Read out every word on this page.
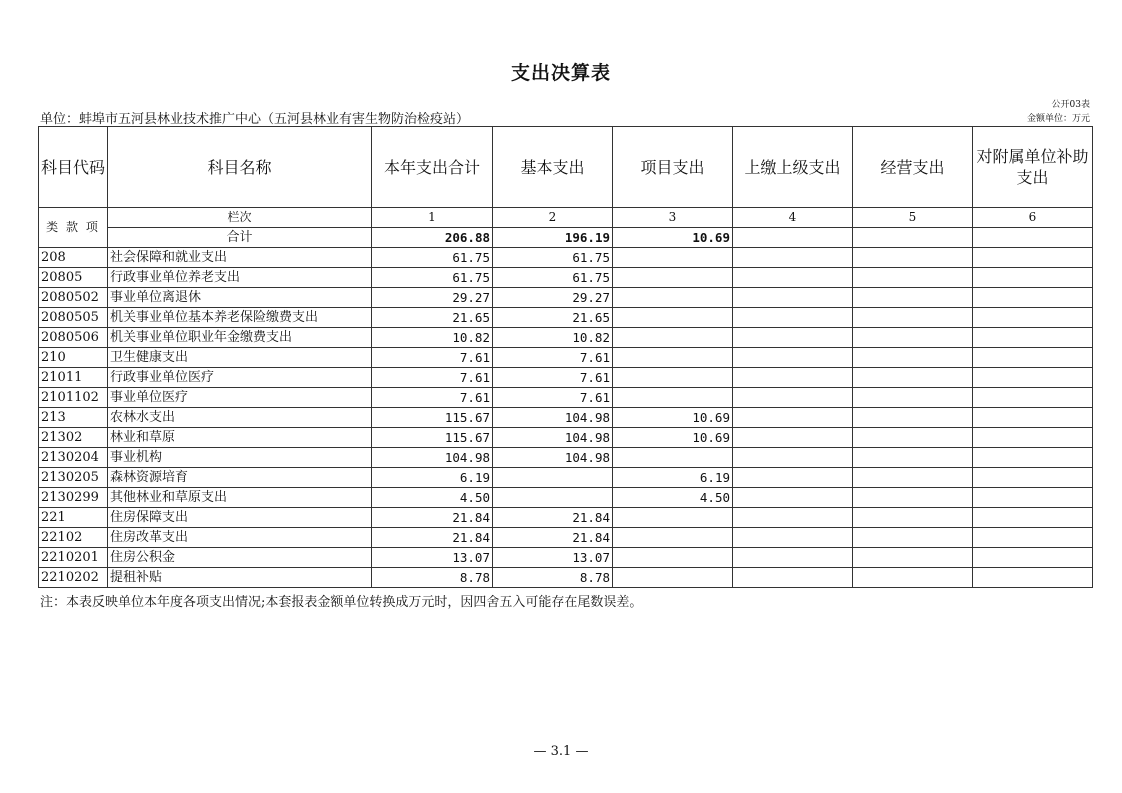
支出决算表
单位：蚌埠市五河县林业技术推广中心（五河县林业有害生物防治检疫站）
公开03表
金额单位：万元
科目代码	科目名称	本年支出合计	基本支出	项目支出	上缴上级支出	经营支出	对附属单位补助支出
类 款 项	栏次	1	2	3	4	5	6
	合计	206.88	196.19	10.69			
208	社会保障和就业支出	61.75	61.75				
20805	行政事业单位养老支出	61.75	61.75				
2080502	事业单位离退休	29.27	29.27				
2080505	机关事业单位基本养老保险缴费支出	21.65	21.65				
2080506	机关事业单位职业年金缴费支出	10.82	10.82				
210	卫生健康支出	7.61	7.61				
21011	行政事业单位医疗	7.61	7.61				
2101102	事业单位医疗	7.61	7.61				
213	农林水支出	115.67	104.98	10.69			
21302	林业和草原	115.67	104.98	10.69			
2130204	事业机构	104.98	104.98				
2130205	森林资源培育	6.19		6.19			
2130299	其他林业和草原支出	4.50		4.50			
221	住房保障支出	21.84	21.84				
22102	住房改革支出	21.84	21.84				
2210201	住房公积金	13.07	13.07				
2210202	提租补贴	8.78	8.78				
注：本表反映单位本年度各项支出情况;本套报表金额单位转换成万元时，因四舍五入可能存在尾数误差。
— 3.1 —
